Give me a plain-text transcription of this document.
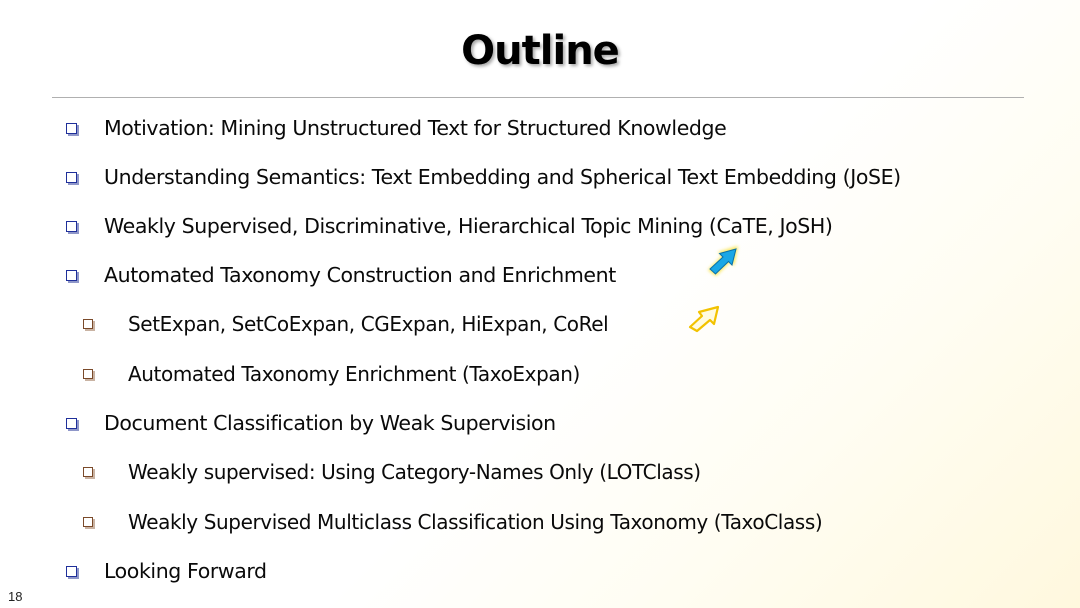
Outline
Motivation: Mining Unstructured Text for Structured Knowledge
Understanding Semantics: Text Embedding and Spherical Text Embedding (JoSE)
Weakly Supervised, Discriminative, Hierarchical Topic Mining (CaTE, JoSH)
Automated Taxonomy Construction and Enrichment
SetExpan, SetCoExpan, CGExpan, HiExpan, CoRel
Automated Taxonomy Enrichment (TaxoExpan)
Document Classification by Weak Supervision
Weakly supervised: Using Category-Names Only (LOTClass)
Weakly Supervised Multiclass Classification Using Taxonomy (TaxoClass)
Looking Forward
18
